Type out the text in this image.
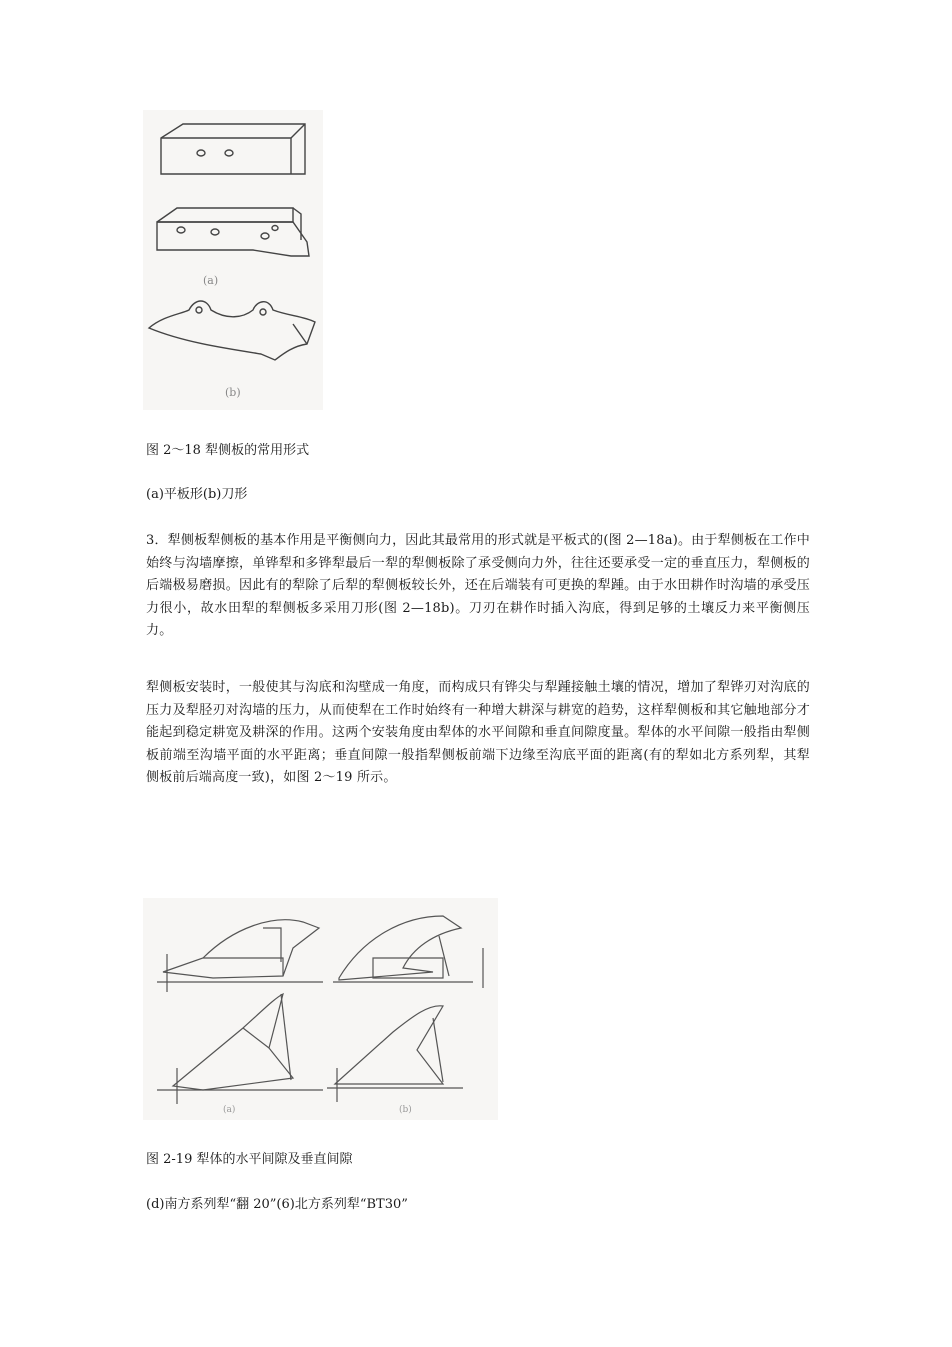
(a)
(b)
图 2～18 犁侧板的常用形式
(a)平板形(b)刀形
3．犁侧板犁侧板的基本作用是平衡侧向力，因此其最常用的形式就是平板式的(图 2—18a)。由于犁侧板在工作中始终与沟墙摩擦，单铧犁和多铧犁最后一犁的犁侧板除了承受侧向力外，往往还要承受一定的垂直压力，犁侧板的后端极易磨损。因此有的犁除了后犁的犁侧板较长外，还在后端装有可更换的犁踵。由于水田耕作时沟墙的承受压力很小，故水田犁的犁侧板多采用刀形(图 2—18b)。刀刃在耕作时插入沟底，得到足够的土壤反力来平衡侧压力。
犁侧板安装时，一般使其与沟底和沟壁成一角度，而构成只有铧尖与犁踵接触土壤的情况，增加了犁铧刃对沟底的压力及犁胫刃对沟墙的压力，从而使犁在工作时始终有一种增大耕深与耕宽的趋势，这样犁侧板和其它触地部分才能起到稳定耕宽及耕深的作用。这两个安装角度由犁体的水平间隙和垂直间隙度量。犁体的水平间隙一般指由犁侧板前端至沟墙平面的水平距离；垂直间隙一般指犁侧板前端下边缘至沟底平面的距离(有的犁如北方系列犁，其犁侧板前后端高度一致)，如图 2～19 所示。
(a)	(b)
图 2-19 犁体的水平间隙及垂直间隙
(d)南方系列犁“翻 20”(6)北方系列犁“BT30”
